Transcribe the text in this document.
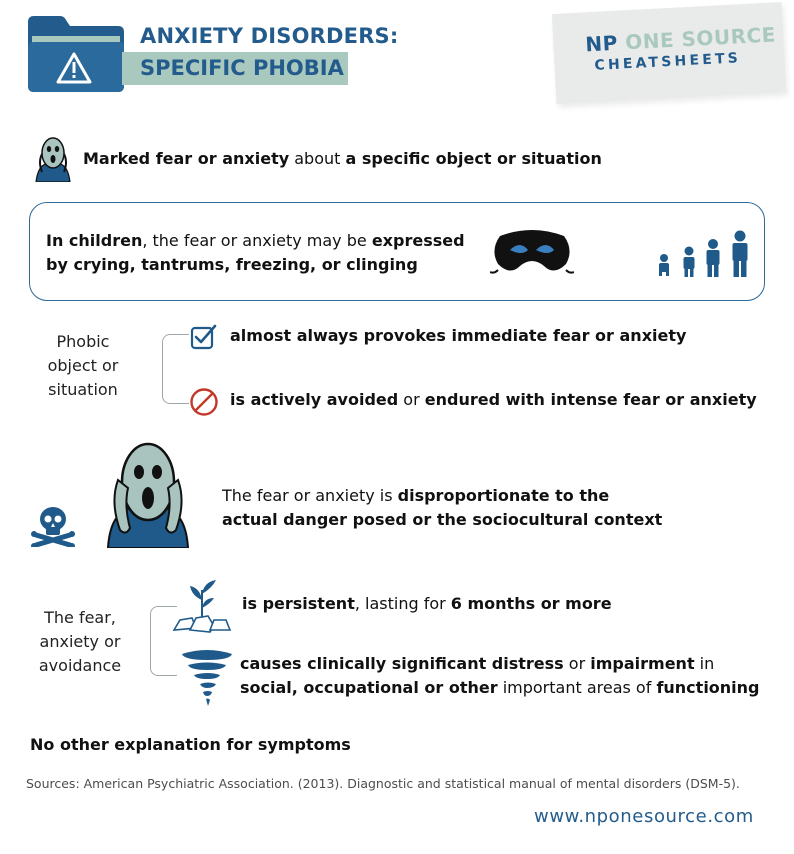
ANXIETY DISORDERS:
SPECIFIC PHOBIA
NP ONE SOURCE
CHEATSHEETS
Marked fear or anxiety about a specific object or situation
In children, the fear or anxiety may be expressed
by crying, tantrums, freezing, or clinging
Phobic
object or
situation
almost always provokes immediate fear or anxiety
is actively avoided or endured with intense fear or anxiety
The fear or anxiety is disproportionate to the
actual danger posed or the sociocultural context
The fear,
anxiety or
avoidance
is persistent, lasting for 6 months or more
causes clinically significant distress or impairment in
social, occupational or other important areas of functioning
No other explanation for symptoms
Sources: American Psychiatric Association. (2013). Diagnostic and statistical manual of mental disorders (DSM-5).
www.nponesource.com
